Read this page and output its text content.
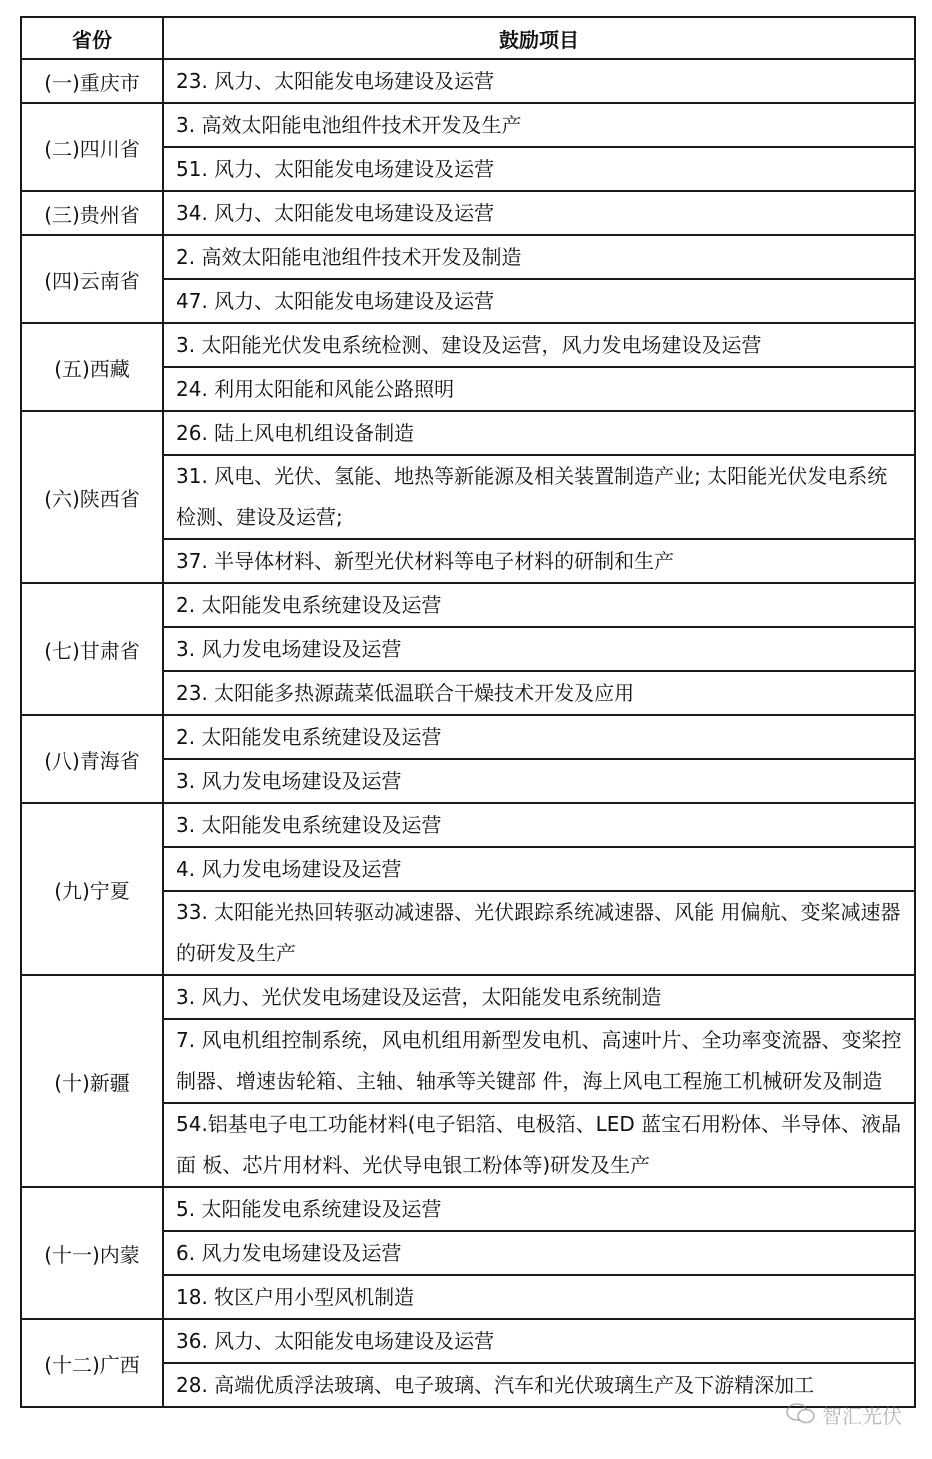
省份	鼓励项目
(一)重庆市	23. 风力、太阳能发电场建设及运营
(二)四川省	3. 高效太阳能电池组件技术开发及生产
	51. 风力、太阳能发电场建设及运营
(三)贵州省	34. 风力、太阳能发电场建设及运营
(四)云南省	2. 高效太阳能电池组件技术开发及制造
	47. 风力、太阳能发电场建设及运营
(五)西藏	3. 太阳能光伏发电系统检测、建设及运营，风力发电场建设及运营
	24. 利用太阳能和风能公路照明
(六)陕西省	26. 陆上风电机组设备制造
	31. 风电、光伏、氢能、地热等新能源及相关装置制造产业; 太阳能光伏发电系统检测、建设及运营;
	37. 半导体材料、新型光伏材料等电子材料的研制和生产
(七)甘肃省	2. 太阳能发电系统建设及运营
	3. 风力发电场建设及运营
	23. 太阳能多热源蔬菜低温联合干燥技术开发及应用
(八)青海省	2. 太阳能发电系统建设及运营
	3. 风力发电场建设及运营
(九)宁夏	3. 太阳能发电系统建设及运营
	4. 风力发电场建设及运营
	33. 太阳能光热回转驱动减速器、光伏跟踪系统减速器、风能 用偏航、变桨减速器的研发及生产
(十)新疆	3. 风力、光伏发电场建设及运营，太阳能发电系统制造
	7. 风电机组控制系统，风电机组用新型发电机、高速叶片、全功率变流器、变桨控制器、增速齿轮箱、主轴、轴承等关键部 件，海上风电工程施工机械研发及制造
	54.铝基电子电工功能材料(电子铝箔、电极箔、LED 蓝宝石用粉体、半导体、液晶面 板、芯片用材料、光伏导电银工粉体等)研发及生产
(十一)内蒙	5. 太阳能发电系统建设及运营
	6. 风力发电场建设及运营
	18. 牧区户用小型风机制造
(十二)广西	36. 风力、太阳能发电场建设及运营
	28. 高端优质浮法玻璃、电子玻璃、汽车和光伏玻璃生产及下游精深加工
智汇光伏
